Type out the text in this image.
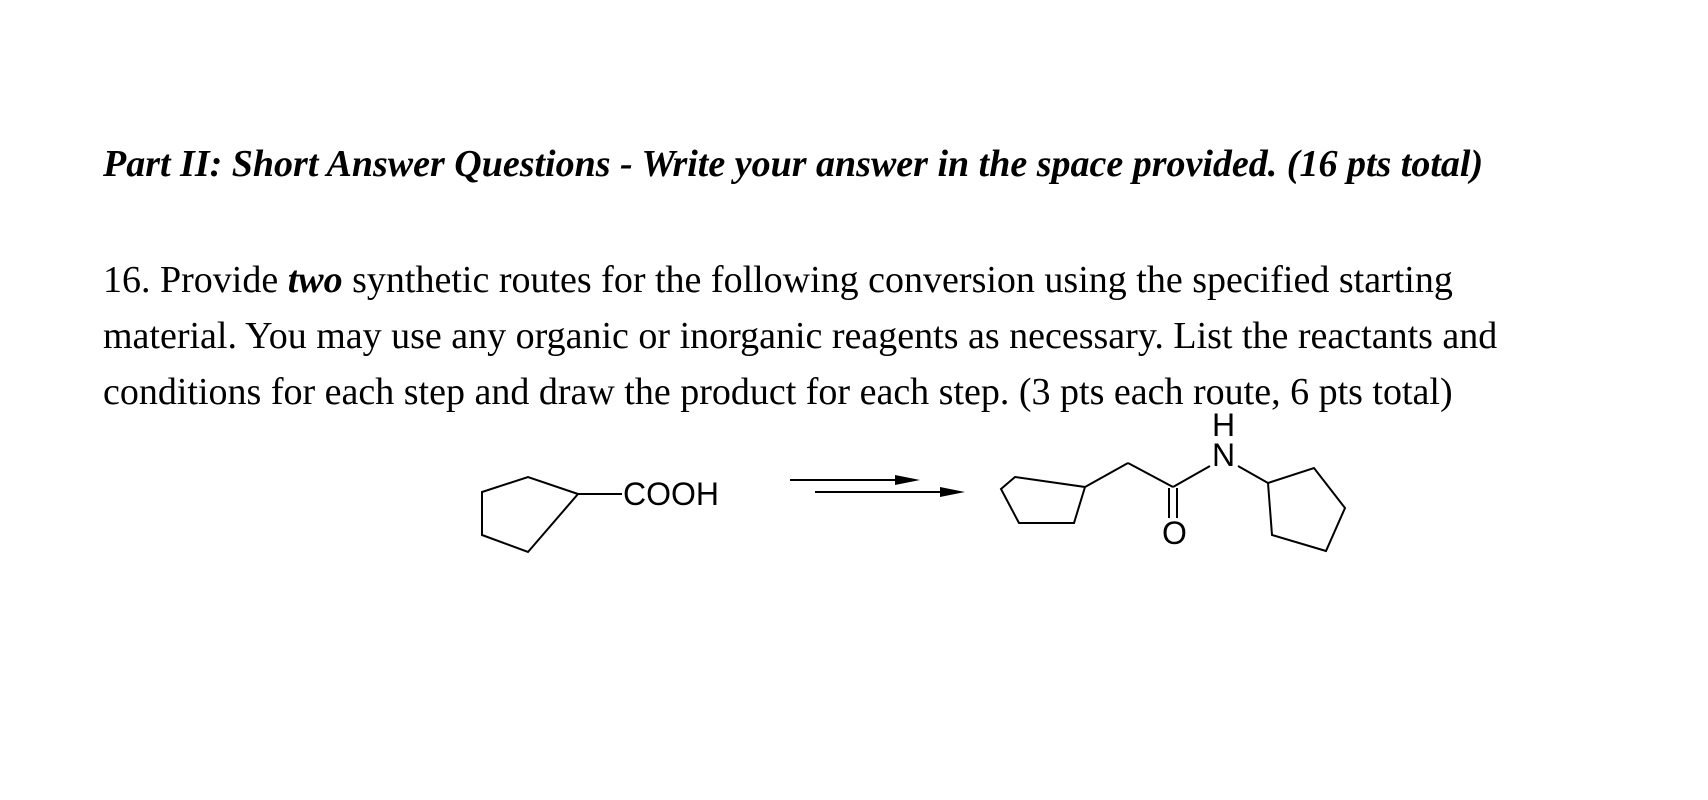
Part II: Short Answer Questions - Write your answer in the space provided. (16 pts total)
16. Provide two synthetic routes for the following conversion using the specified starting
material. You may use any organic or inorganic reagents as necessary. List the reactants and
conditions for each step and draw the product for each step. (3 pts each route, 6 pts total)
COOH
H
N
O
